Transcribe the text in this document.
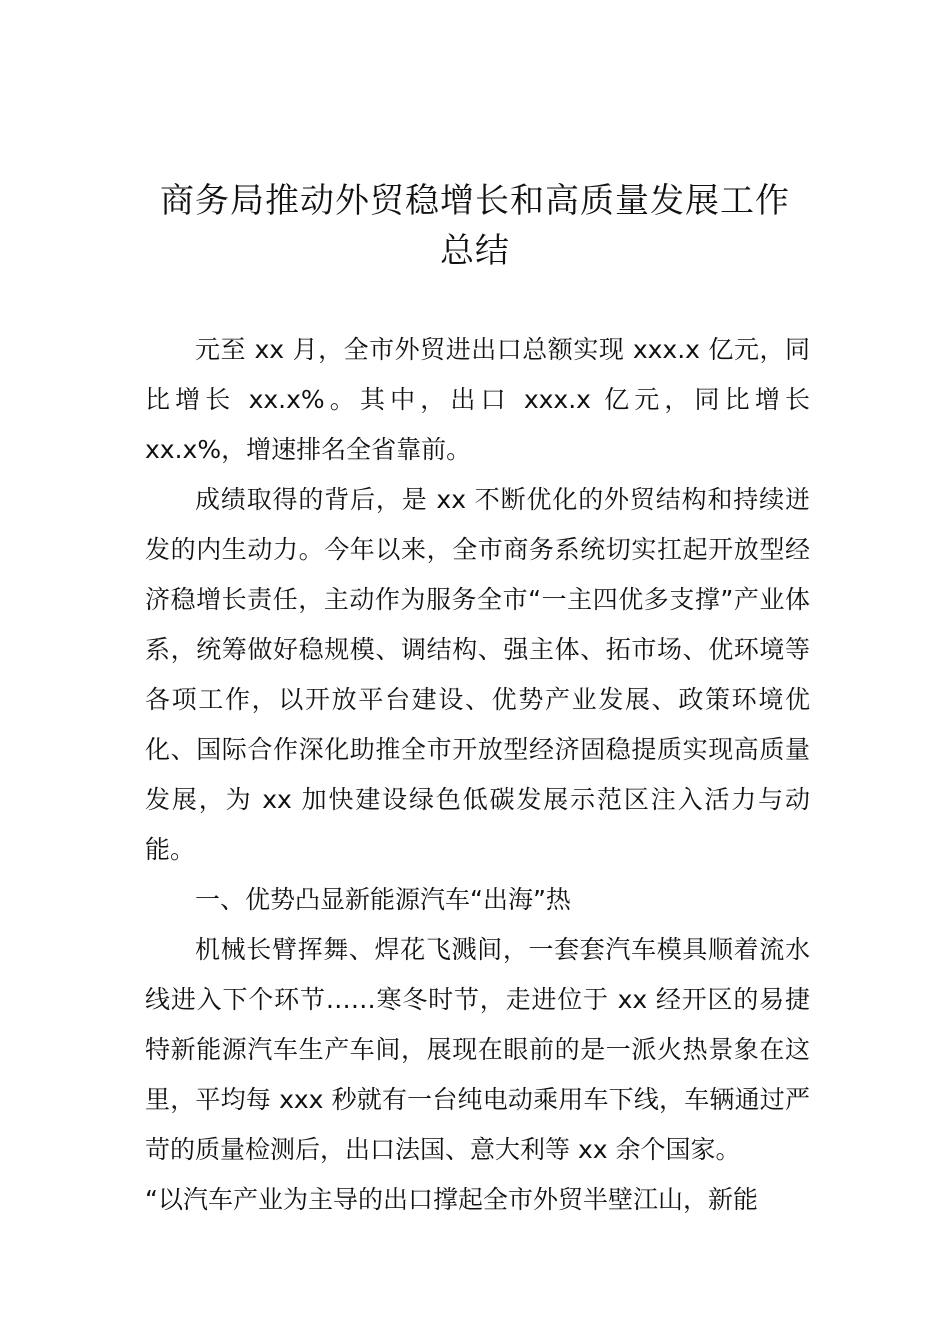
商务局推动外贸稳增长和高质量发展工作
总结

元至 xx 月，全市外贸进出口总额实现 xxx.x 亿元，同比增长 xx.x%。其中，出口 xxx.x 亿元，同比增长 xx.x%，增速排名全省靠前。

成绩取得的背后，是 xx 不断优化的外贸结构和持续迸发的内生动力。今年以来，全市商务系统切实扛起开放型经济稳增长责任，主动作为服务全市“一主四优多支撑”产业体系，统筹做好稳规模、调结构、强主体、拓市场、优环境等各项工作，以开放平台建设、优势产业发展、政策环境优化、国际合作深化助推全市开放型经济固稳提质实现高质量发展，为 xx 加快建设绿色低碳发展示范区注入活力与动能。

一、优势凸显新能源汽车“出海”热

机械长臂挥舞、焊花飞溅间，一套套汽车模具顺着流水线进入下个环节……寒冬时节，走进位于 xx 经开区的易捷特新能源汽车生产车间，展现在眼前的是一派火热景象在这里，平均每 xxx 秒就有一台纯电动乘用车下线，车辆通过严苛的质量检测后，出口法国、意大利等 xx 余个国家。

“以汽车产业为主导的出口撑起全市外贸半壁江山，新能
